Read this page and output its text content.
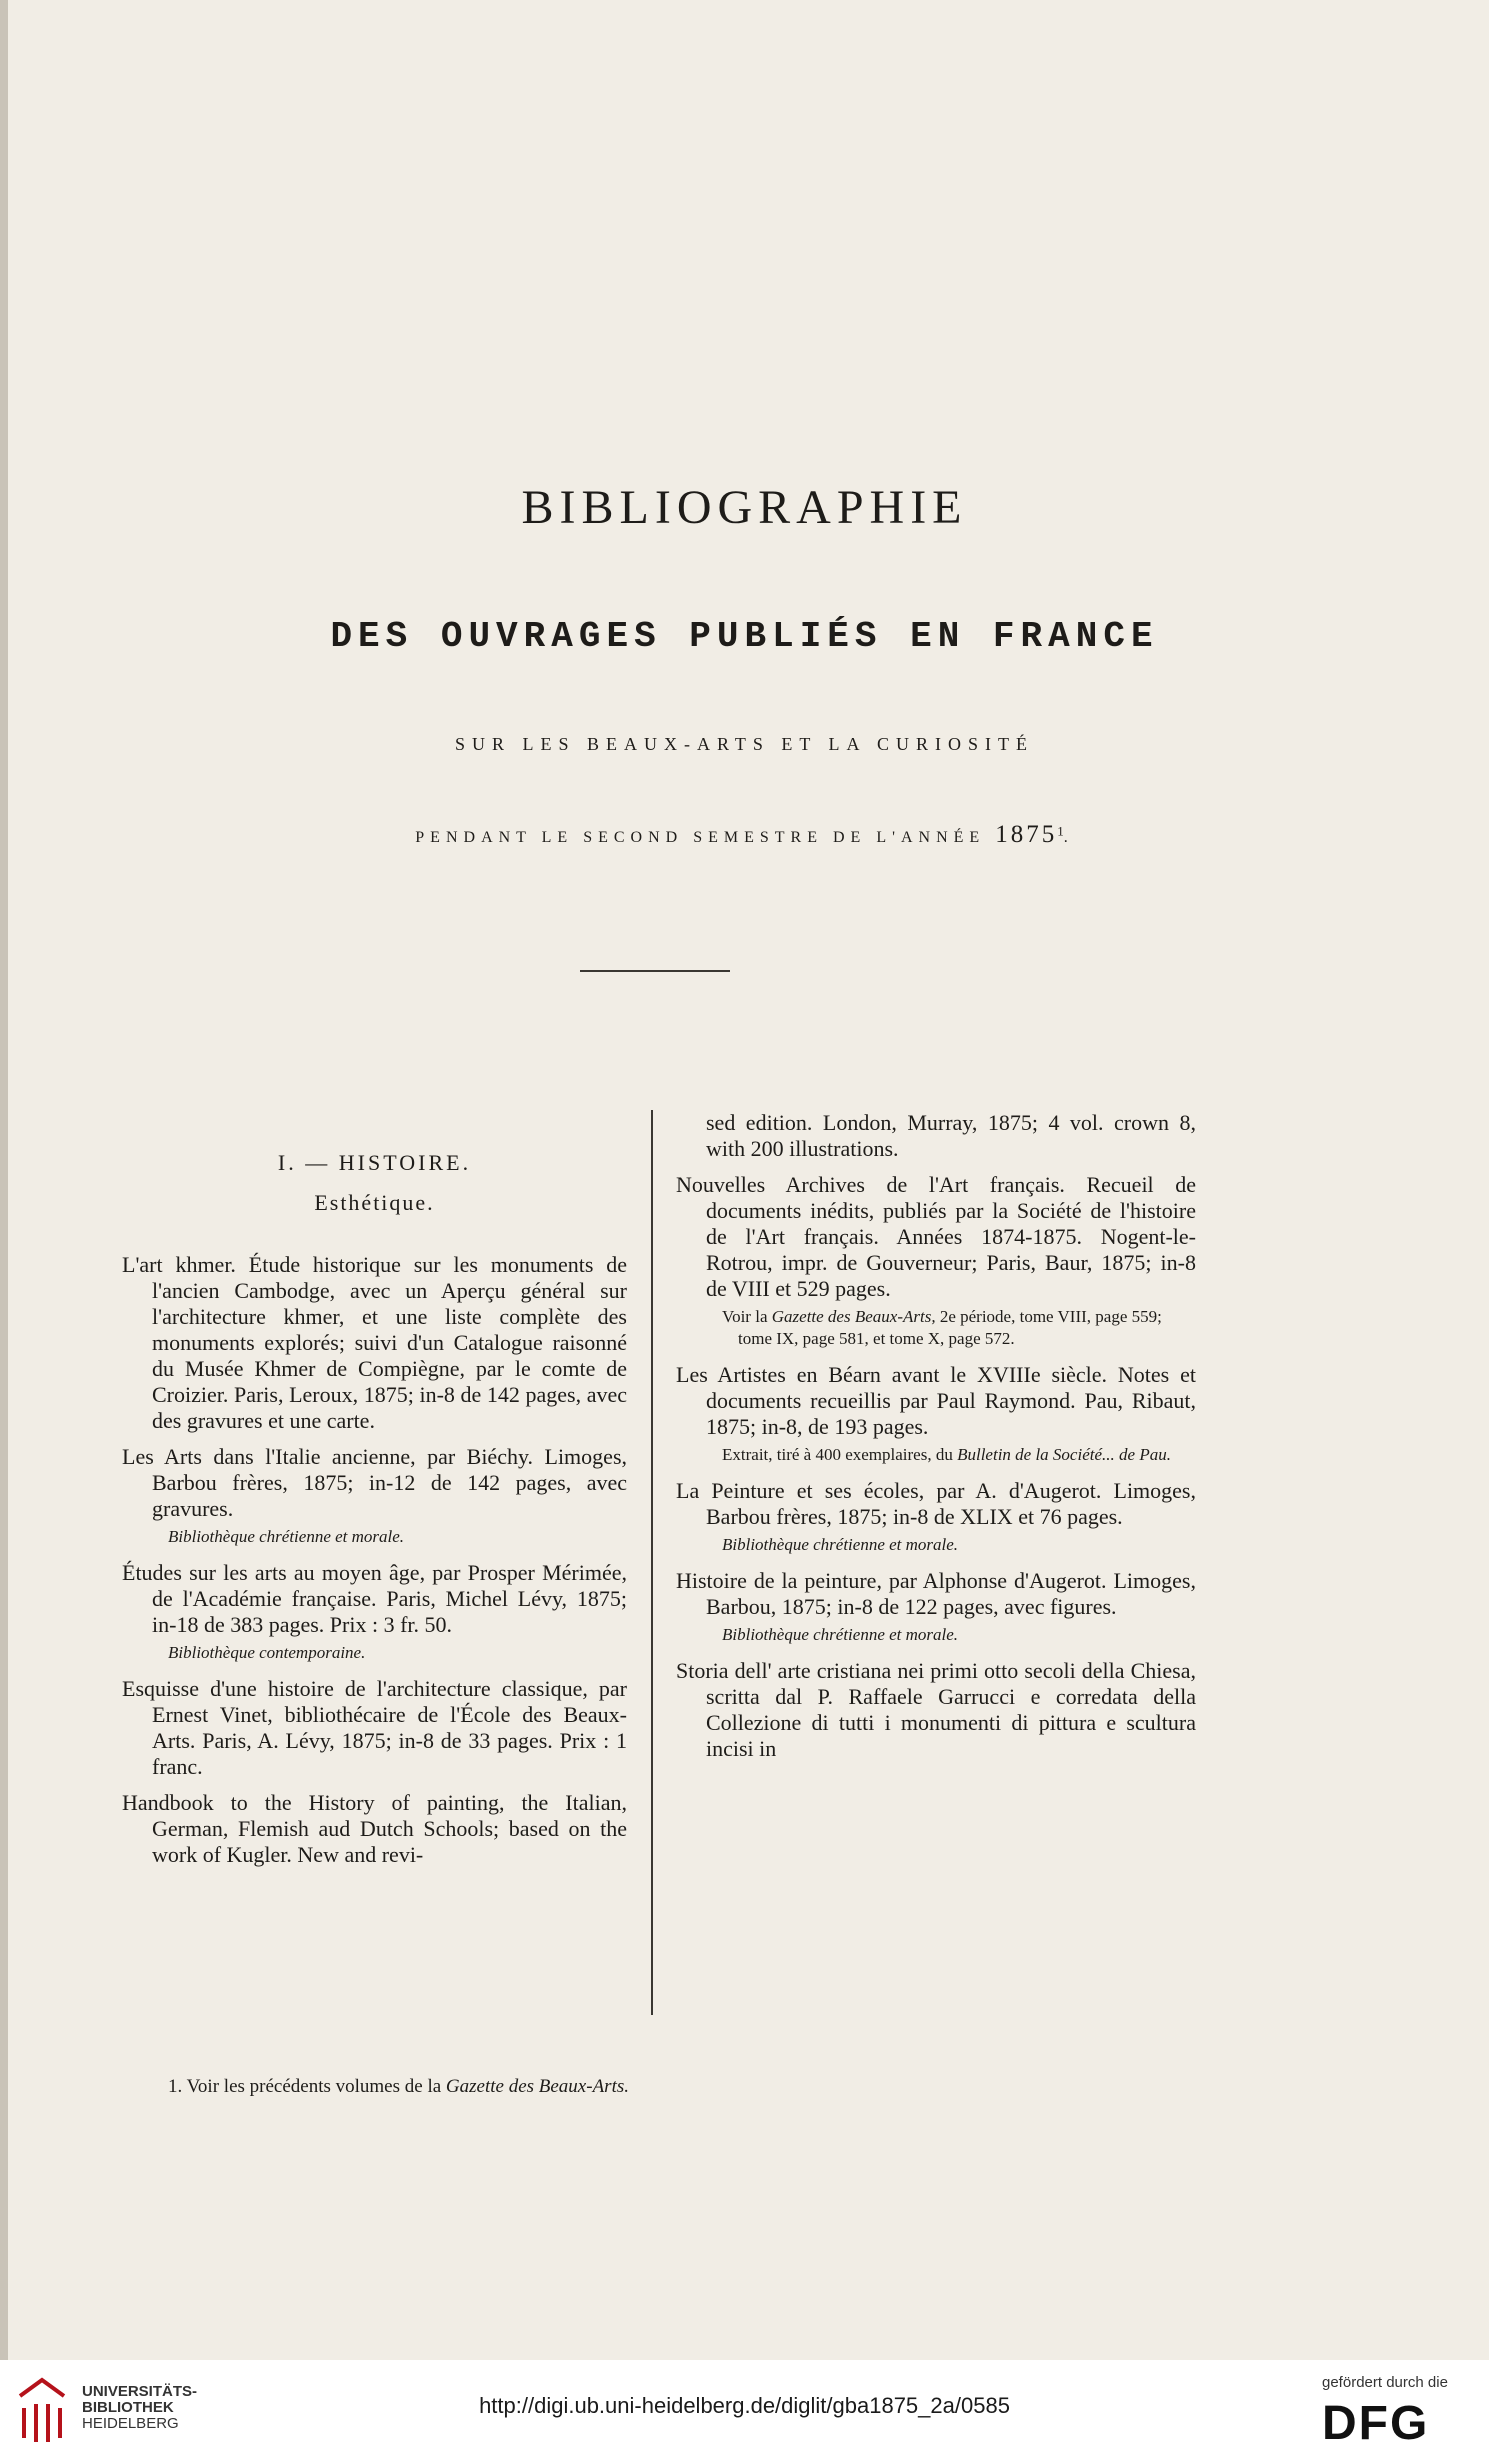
BIBLIOGRAPHIE
DES OUVRAGES PUBLIÉS EN FRANCE
SUR LES BEAUX-ARTS ET LA CURIOSITÉ
PENDANT LE SECOND SEMESTRE DE L'ANNÉE 1875$^1$.
I. — HISTOIRE.
Esthétique.

L'art khmer. Étude historique sur les monuments de l'ancien Cambodge, avec un Aperçu général sur l'architecture khmer, et une liste complète des monuments explorés; suivi d'un Catalogue raisonné du Musée Khmer de Compiègne, par le comte de Croizier. Paris, Leroux, 1875; in-8 de 142 pages, avec des gravures et une carte.

Les Arts dans l'Italie ancienne, par Biéchy. Limoges, Barbou frères, 1875; in-12 de 142 pages, avec gravures.

Bibliothèque chrétienne et morale.

Études sur les arts au moyen âge, par Prosper Mérimée, de l'Académie française. Paris, Michel Lévy, 1875; in-18 de 383 pages. Prix : 3 fr. 50.

Bibliothèque contemporaine.

Esquisse d'une histoire de l'architecture classique, par Ernest Vinet, bibliothécaire de l'École des Beaux-Arts. Paris, A. Lévy, 1875; in-8 de 33 pages. Prix : 1 franc.

Handbook to the History of painting, the Italian, German, Flemish aud Dutch Schools; based on the work of Kugler. New and revi-

sed edition. London, Murray, 1875; 4 vol. crown 8, with 200 illustrations.

Nouvelles Archives de l'Art français. Recueil de documents inédits, publiés par la Société de l'histoire de l'Art français. Années 1874-1875. Nogent-le-Rotrou, impr. de Gouverneur; Paris, Baur, 1875; in-8 de VIII et 529 pages.

Voir la Gazette des Beaux-Arts, 2e période, tome VIII, page 559; tome IX, page 581, et tome X, page 572.

Les Artistes en Béarn avant le XVIIIe siècle. Notes et documents recueillis par Paul Raymond. Pau, Ribaut, 1875; in-8, de 193 pages.

Extrait, tiré à 400 exemplaires, du Bulletin de la Société... de Pau.

La Peinture et ses écoles, par A. d'Augerot. Limoges, Barbou frères, 1875; in-8 de XLIX et 76 pages.

Bibliothèque chrétienne et morale.

Histoire de la peinture, par Alphonse d'Augerot. Limoges, Barbou, 1875; in-8 de 122 pages, avec figures.

Bibliothèque chrétienne et morale.

Storia dell' arte cristiana nei primi otto secoli della Chiesa, scritta dal P. Raffaele Garrucci e corredata della Collezione di tutti i monumenti di pittura e scultura incisi in

1. Voir les précédents volumes de la Gazette des Beaux-Arts.
UNIVERSITÄTS-
BIBLIOTHEK
HEIDELBERG
http://digi.ub.uni-heidelberg.de/diglit/gba1875_2a/0585
gefördert durch die
DFG
